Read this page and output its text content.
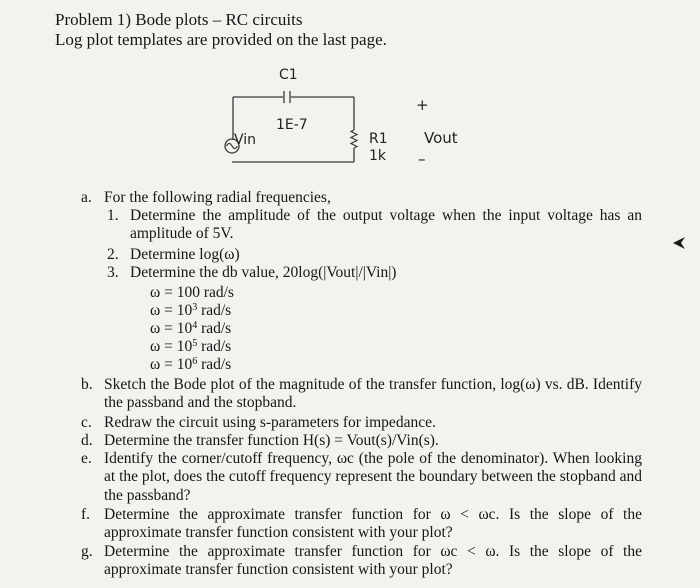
Problem 1) Bode plots – RC circuits
Log plot templates are provided on the last page.
C1
1E-7
Vin	R1
1k
+
Vout
–
a. For the following radial frequencies,
1. Determine the amplitude of the output voltage when the input voltage has an amplitude of 5V.
2. Determine log(ω)
3. Determine the db value, 20log(|Vout|/|Vin|)
ω = 100 rad/s
$\omega = 10^3$ rad/s
$\omega = 10^4$ rad/s
$\omega = 10^5$ rad/s
$\omega = 10^6$ rad/s
b. Sketch the Bode plot of the magnitude of the transfer function, log(ω) vs. dB. Identify the passband and the stopband.
c. Redraw the circuit using s-parameters for impedance.
d. Determine the transfer function H(s) = Vout(s)/Vin(s).
e. Identify the corner/cutoff frequency, ωc (the pole of the denominator). When looking at the plot, does the cutoff frequency represent the boundary between the stopband and the passband?
f. Determine the approximate transfer function for ω < ωc. Is the slope of the approximate transfer function consistent with your plot?
g. Determine the approximate transfer function for ωc < ω. Is the slope of the approximate transfer function consistent with your plot?
